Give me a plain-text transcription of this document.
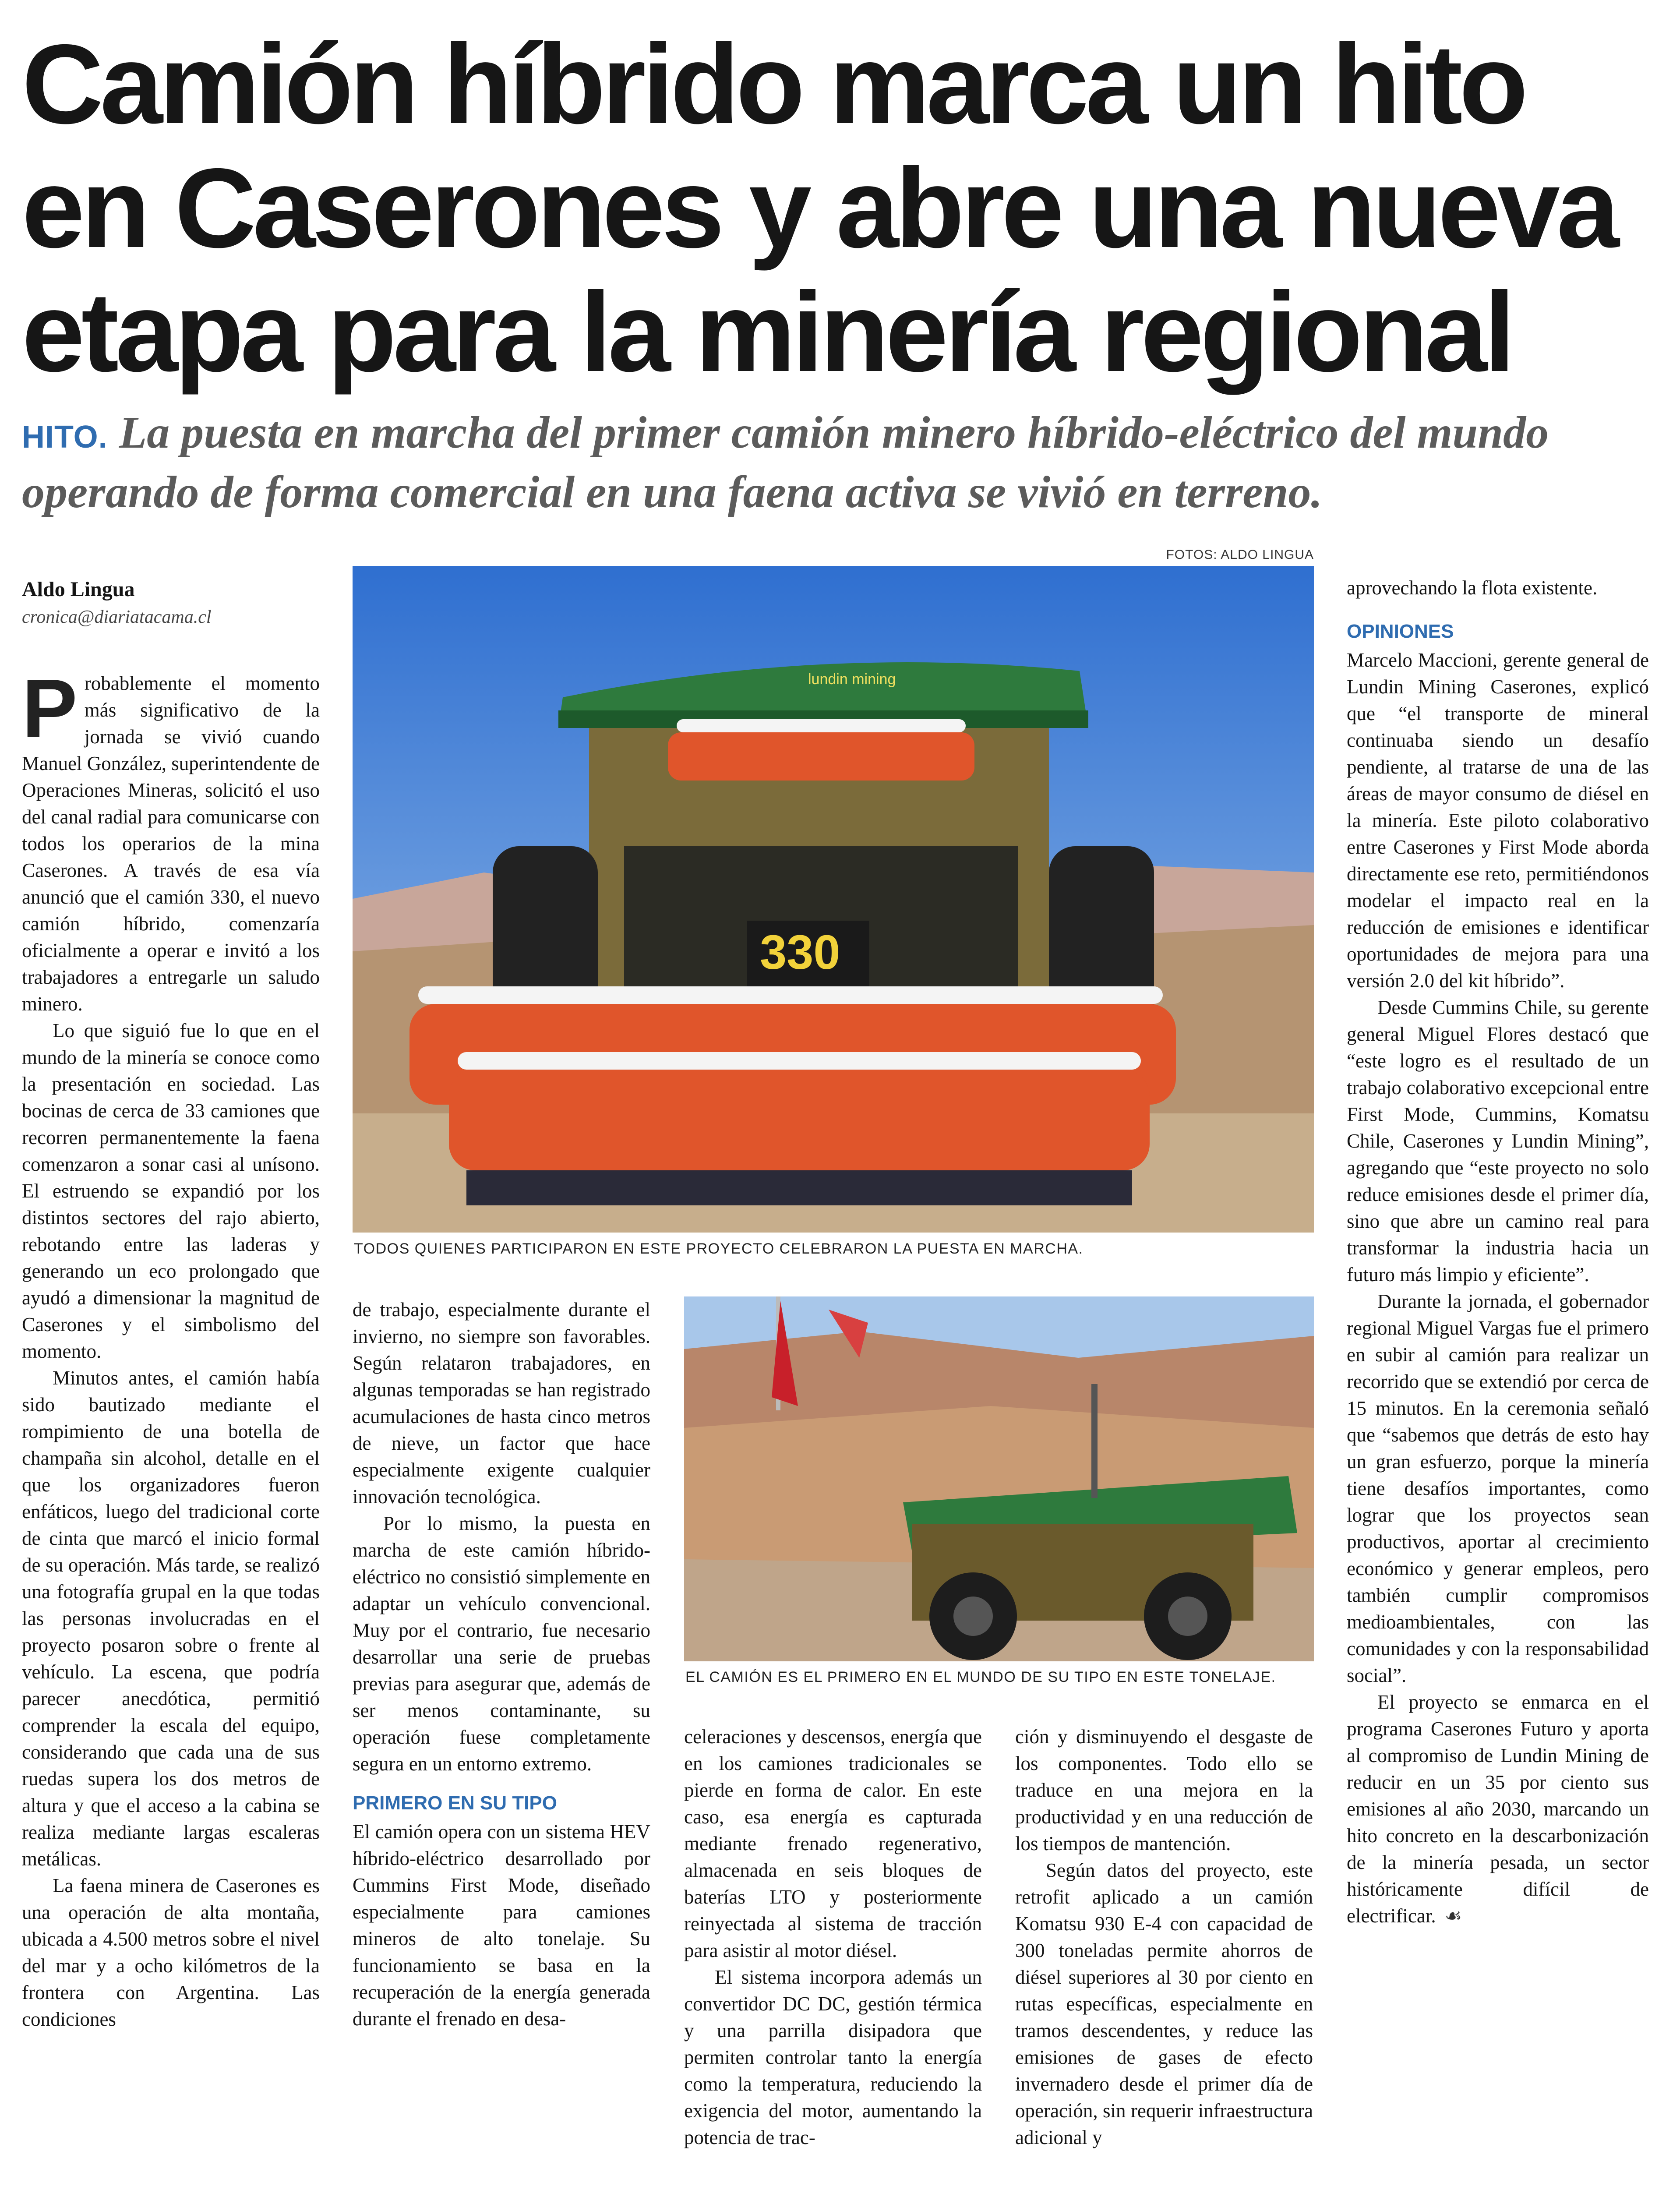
Camión híbrido marca un hito
en Caserones y abre una nueva
etapa para la minería regional
HITO. La puesta en marcha del primer camión minero híbrido-eléctrico del mundo operando de forma comercial en una faena activa se vivió en terreno.
FOTOS: ALDO LINGUA
Aldo Lingua
cronica@diariatacama.cl
lundin mining
330
TODOS QUIENES PARTICIPARON EN ESTE PROYECTO CELEBRARON LA PUESTA EN MARCHA.
EL CAMIÓN ES EL PRIMERO EN EL MUNDO DE SU TIPO EN ESTE TONELAJE.

Probablemente el momento más significativo de la jornada se vivió cuando Manuel González, superintendente de Operaciones Mineras, solicitó el uso del canal radial para comunicarse con todos los operarios de la mina Caserones. A través de esa vía anunció que el camión 330, el nuevo camión híbrido, comenzaría oficialmente a operar e invitó a los trabajadores a entregarle un saludo minero.

Lo que siguió fue lo que en el mundo de la minería se conoce como la presentación en sociedad. Las bocinas de cerca de 33 camiones que recorren permanentemente la faena comenzaron a sonar casi al unísono. El estruendo se expandió por los distintos sectores del rajo abierto, rebotando entre las laderas y generando un eco prolongado que ayudó a dimensionar la magnitud de Caserones y el simbolismo del momento.

Minutos antes, el camión había sido bautizado mediante el rompimiento de una botella de champaña sin alcohol, detalle en el que los organizadores fueron enfáticos, luego del tradicional corte de cinta que marcó el inicio formal de su operación. Más tarde, se realizó una fotografía grupal en la que todas las personas involucradas en el proyecto posaron sobre o frente al vehículo. La escena, que podría parecer anecdótica, permitió comprender la escala del equipo, considerando que cada una de sus ruedas supera los dos metros de altura y que el acceso a la cabina se realiza mediante largas escaleras metálicas.

La faena minera de Caserones es una operación de alta montaña, ubicada a 4.500 metros sobre el nivel del mar y a ocho kilómetros de la frontera con Argentina. Las condiciones

de trabajo, especialmente durante el invierno, no siempre son favorables. Según relataron trabajadores, en algunas temporadas se han registrado acumulaciones de hasta cinco metros de nieve, un factor que hace especialmente exigente cualquier innovación tecnológica.

Por lo mismo, la puesta en marcha de este camión híbrido-eléctrico no consistió simplemente en adaptar un vehículo convencional. Muy por el contrario, fue necesario desarrollar una serie de pruebas previas para asegurar que, además de ser menos contaminante, su operación fuese completamente segura en un entorno extremo.

PRIMERO EN SU TIPO

El camión opera con un sistema HEV híbrido-eléctrico desarrollado por Cummins First Mode, diseñado especialmente para camiones mineros de alto tonelaje. Su funcionamiento se basa en la recuperación de la energía generada durante el frenado en desa-

celeraciones y descensos, energía que en los camiones tradicionales se pierde en forma de calor. En este caso, esa energía es capturada mediante frenado regenerativo, almacenada en seis bloques de baterías LTO y posteriormente reinyectada al sistema de tracción para asistir al motor diésel.

El sistema incorpora además un convertidor DC DC, gestión térmica y una parrilla disipadora que permiten controlar tanto la energía como la temperatura, reduciendo la exigencia del motor, aumentando la potencia de trac-

ción y disminuyendo el desgaste de los componentes. Todo ello se traduce en una mejora en la productividad y en una reducción de los tiempos de mantención.

Según datos del proyecto, este retrofit aplicado a un camión Komatsu 930 E-4 con capacidad de 300 toneladas permite ahorros de diésel superiores al 30 por ciento en rutas específicas, especialmente en tramos descendentes, y reduce las emisiones de gases de efecto invernadero desde el primer día de operación, sin requerir infraestructura adicional y

aprovechando la flota existente.

OPINIONES

Marcelo Maccioni, gerente general de Lundin Mining Caserones, explicó que “el transporte de mineral continuaba siendo un desafío pendiente, al tratarse de una de las áreas de mayor consumo de diésel en la minería. Este piloto colaborativo entre Caserones y First Mode aborda directamente ese reto, permitiéndonos modelar el impacto real en la reducción de emisiones e identificar oportunidades de mejora para una versión 2.0 del kit híbrido”.

Desde Cummins Chile, su gerente general Miguel Flores destacó que “este logro es el resultado de un trabajo colaborativo excepcional entre First Mode, Cummins, Komatsu Chile, Caserones y Lundin Mining”, agregando que “este proyecto no solo reduce emisiones desde el primer día, sino que abre un camino real para transformar la industria hacia un futuro más limpio y eficiente”.

Durante la jornada, el gobernador regional Miguel Vargas fue el primero en subir al camión para realizar un recorrido que se extendió por cerca de 15 minutos. En la ceremonia señaló que “sabemos que detrás de esto hay un gran esfuerzo, porque la minería tiene desafíos importantes, como lograr que los proyectos sean productivos, aportar al crecimiento económico y generar empleos, pero también cumplir compromisos medioambientales, con las comunidades y con la responsabilidad social”.

El proyecto se enmarca en el programa Caserones Futuro y aporta al compromiso de Lundin Mining de reducir en un 35 por ciento sus emisiones al año 2030, marcando un hito concreto en la descarbonización de la minería pesada, un sector históricamente difícil de electrificar. ☙
